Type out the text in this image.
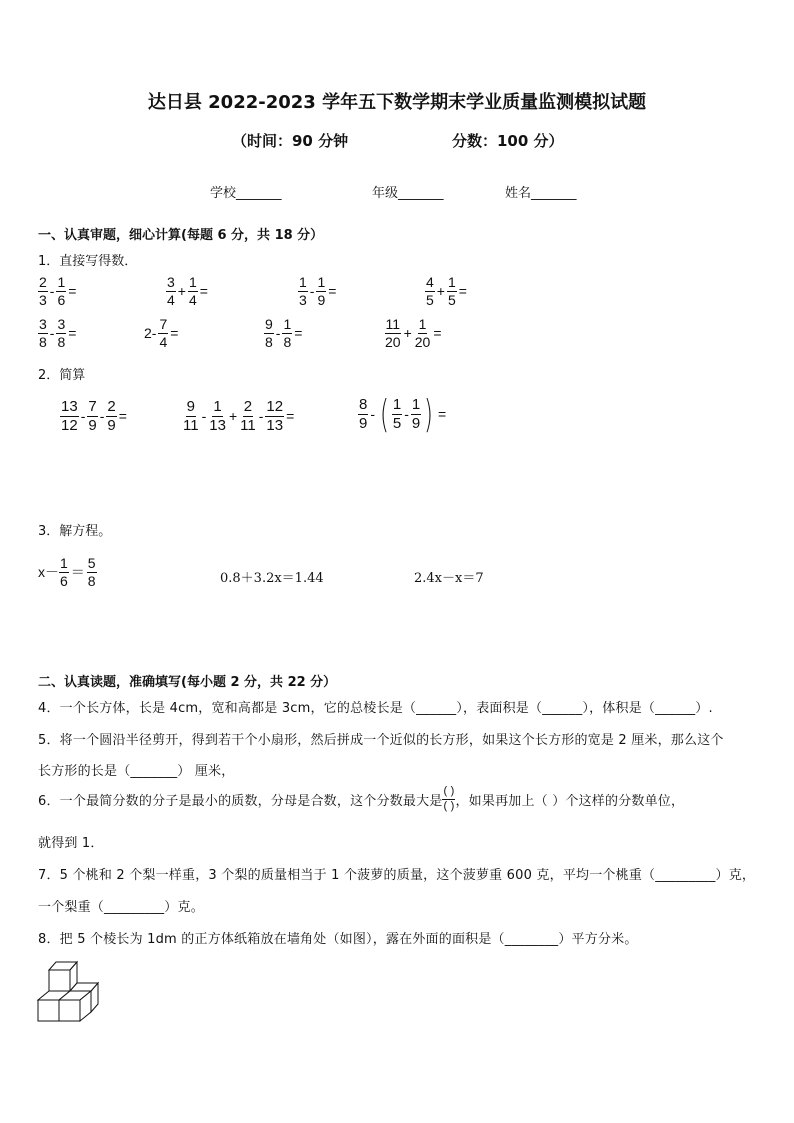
达日县 2022-2023 学年五下数学期末学业质量监测模拟试题
（时间：90 分钟	分数：100 分）
学校_______	年级_______	姓名_______
一、认真审题，细心计算(每题 6 分，共 18 分）
1．直接写得数．
$\frac{2}{3} - \frac{1}{6}$ =	$\frac{3}{4} + \frac{1}{4}$ =	$\frac{1}{3} - \frac{1}{9}$ =	$\frac{4}{5} + \frac{1}{5}$ =
$\frac{3}{8} - \frac{3}{8}$ =	$2- \frac{7}{4}$ =	$\frac{9}{8} - \frac{1}{8}$ =	$\frac{11}{20} + \frac{1}{20}$ =
2．简算
$\frac{13}{12} - \frac{7}{9} - \frac{2}{9}$ =	$\frac{9}{11} - \frac{1}{13} + \frac{2}{11} - \frac{12}{13}$ =	$\frac{8}{9}$ - ( $\frac{1}{5} - \frac{1}{9}$ ) =
3．解方程。
$x- \frac{1}{6} = \frac{5}{8}$	0.8＋3.2x＝1.44	2.4x－x＝7
二、认真读题，准确填写(每小题 2 分，共 22 分）
4．一个长方体，长是 4cm，宽和高都是 3cm，它的总棱长是（______），表面积是（______），体积是（______）.
5．将一个圆沿半径剪开，得到若干个小扇形，然后拼成一个近似的长方形，如果这个长方形的宽是 2 厘米，那么这个
长方形的长是（_______） 厘米，
6．一个最简分数的分子是最小的质数，分母是合数，这个分数最大是 $\frac{( )}{( )}$ ，如果再加上（ ）个这样的分数单位，
就得到 1．
7．5 个桃和 2 个梨一样重，3 个梨的质量相当于 1 个菠萝的质量，这个菠萝重 600 克，平均一个桃重（_________）克，
一个梨重（_________）克。
8．把 5 个棱长为 1dm 的正方体纸箱放在墙角处（如图），露在外面的面积是（________）平方分米。
